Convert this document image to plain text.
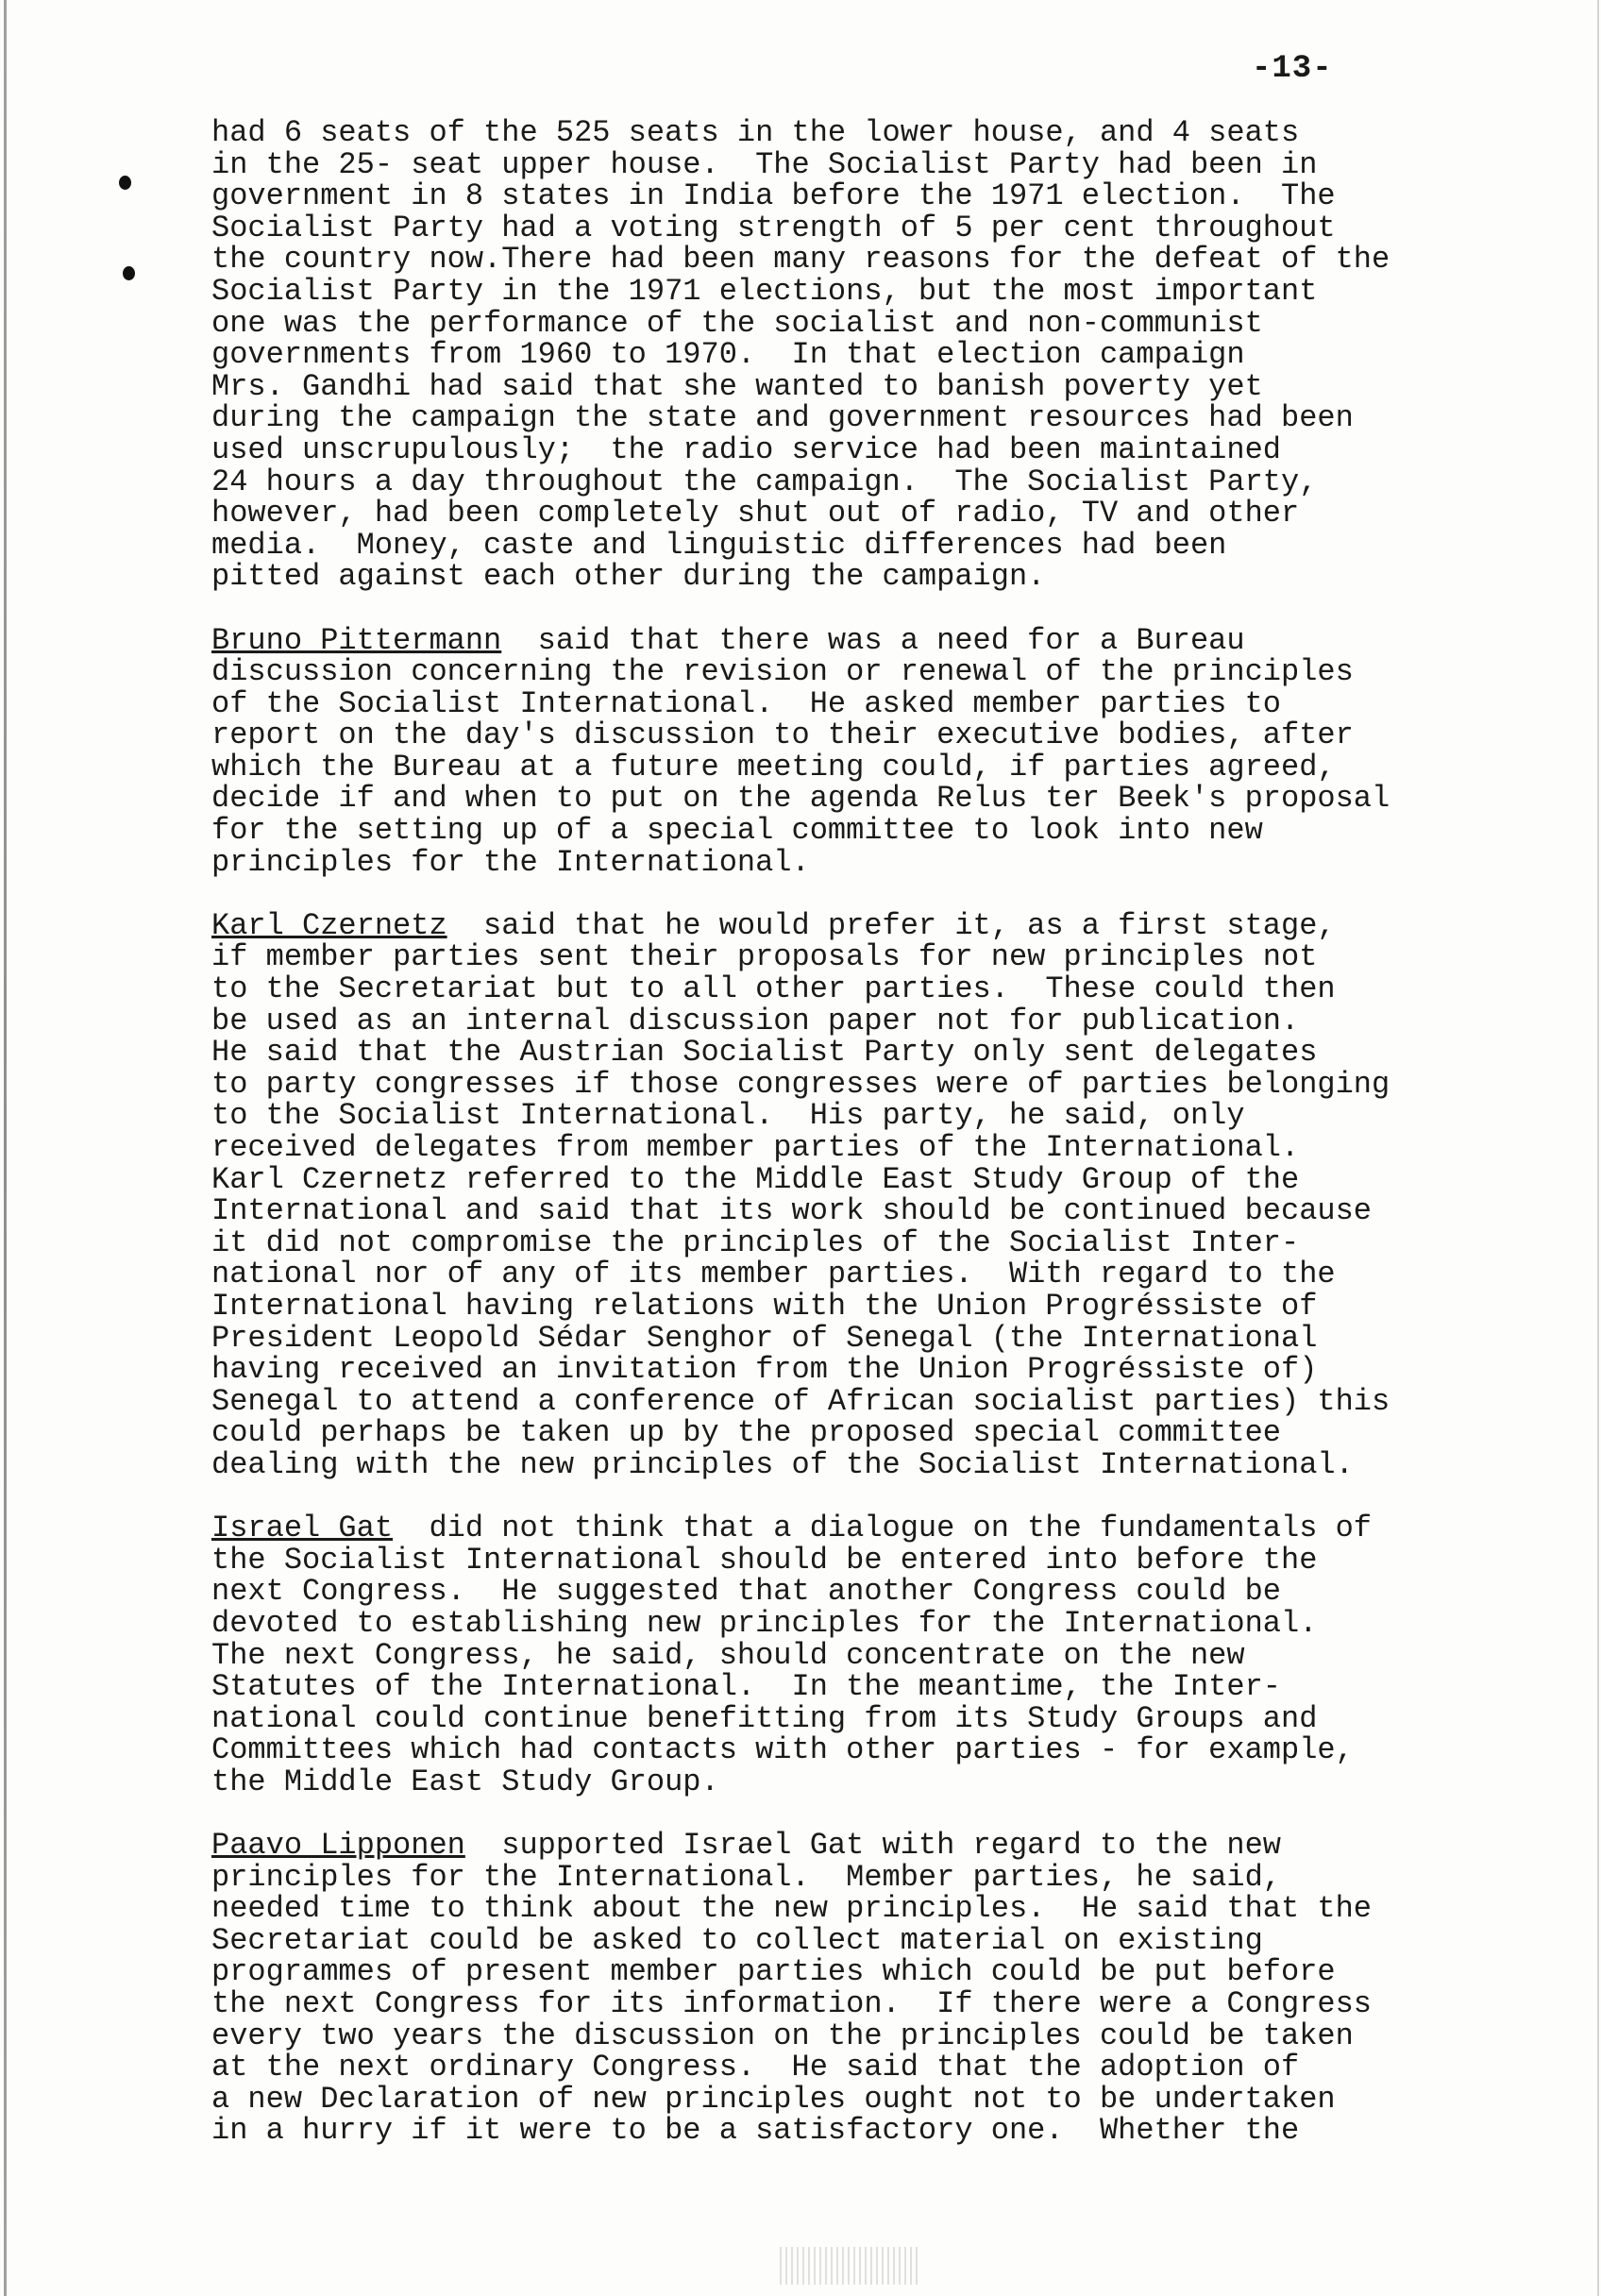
-13-
had 6 seats of the 525 seats in the lower house, and 4 seats
in the 25- seat upper house.  The Socialist Party had been in
government in 8 states in India before the 1971 election.  The
Socialist Party had a voting strength of 5 per cent throughout
the country now.There had been many reasons for the defeat of the
Socialist Party in the 1971 elections, but the most important
one was the performance of the socialist and non-communist
governments from 1960 to 1970.  In that election campaign
Mrs. Gandhi had said that she wanted to banish poverty yet
during the campaign the state and government resources had been
used unscrupulously;  the radio service had been maintained
24 hours a day throughout the campaign.  The Socialist Party,
however, had been completely shut out of radio, TV and other
media.  Money, caste and linguistic differences had been
pitted against each other during the campaign.
Bruno Pittermann  said that there was a need for a Bureau
discussion concerning the revision or renewal of the principles
of the Socialist International.  He asked member parties to
report on the day's discussion to their executive bodies, after
which the Bureau at a future meeting could, if parties agreed,
decide if and when to put on the agenda Relus ter Beek's proposal
for the setting up of a special committee to look into new
principles for the International.
Karl Czernetz  said that he would prefer it, as a first stage,
if member parties sent their proposals for new principles not
to the Secretariat but to all other parties.  These could then
be used as an internal discussion paper not for publication.
He said that the Austrian Socialist Party only sent delegates
to party congresses if those congresses were of parties belonging
to the Socialist International.  His party, he said, only
received delegates from member parties of the International.
Karl Czernetz referred to the Middle East Study Group of the
International and said that its work should be continued because
it did not compromise the principles of the Socialist Inter-
national nor of any of its member parties.  With regard to the
International having relations with the Union Progréssiste of
President Leopold Sédar Senghor of Senegal (the International
having received an invitation from the Union Progréssiste of)
Senegal to attend a conference of African socialist parties) this
could perhaps be taken up by the proposed special committee
dealing with the new principles of the Socialist International.
Israel Gat  did not think that a dialogue on the fundamentals of
the Socialist International should be entered into before the
next Congress.  He suggested that another Congress could be
devoted to establishing new principles for the International.
The next Congress, he said, should concentrate on the new
Statutes of the International.  In the meantime, the Inter-
national could continue benefitting from its Study Groups and
Committees which had contacts with other parties - for example,
the Middle East Study Group.
Paavo Lipponen  supported Israel Gat with regard to the new
principles for the International.  Member parties, he said,
needed time to think about the new principles.  He said that the
Secretariat could be asked to collect material on existing
programmes of present member parties which could be put before
the next Congress for its information.  If there were a Congress
every two years the discussion on the principles could be taken
at the next ordinary Congress.  He said that the adoption of
a new Declaration of new principles ought not to be undertaken
in a hurry if it were to be a satisfactory one.  Whether the
